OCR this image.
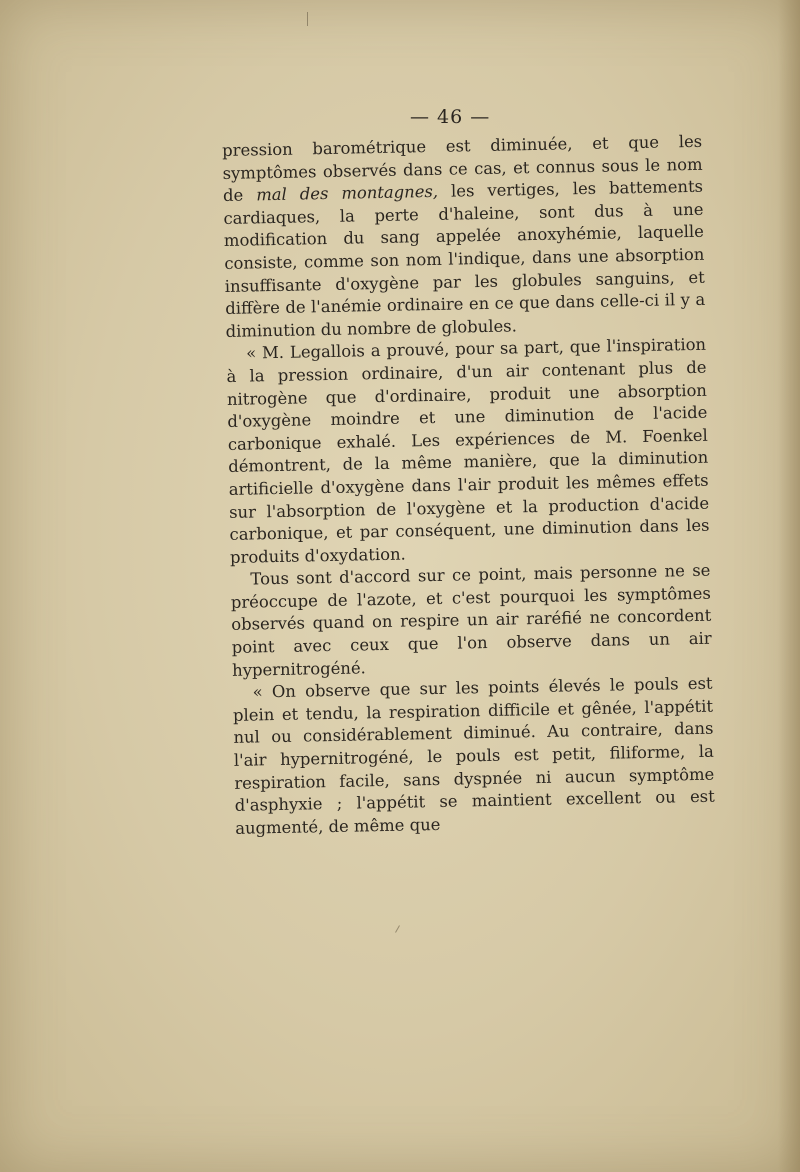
— 46 —

pression barométrique est diminuée, et que les symptômes observés dans ce cas, et connus sous le nom de mal des montagnes, les vertiges, les battements cardiaques, la perte d'haleine, sont dus à une modification du sang appelée anoxyhémie, laquelle consiste, comme son nom l'indique, dans une absorption insuffisante d'oxygène par les globules sanguins, et diffère de l'anémie ordinaire en ce que dans celle-ci il y a diminution du nombre de globules.

« M. Legallois a prouvé, pour sa part, que l'inspiration à la pression ordinaire, d'un air contenant plus de nitrogène que d'ordinaire, produit une absorption d'oxygène moindre et une diminution de l'acide carbonique exhalé. Les expériences de M. Foenkel démontrent, de la même manière, que la diminution artificielle d'oxygène dans l'air produit les mêmes effets sur l'absorption de l'oxygène et la production d'acide carbonique, et par conséquent, une diminution dans les produits d'oxydation.

Tous sont d'accord sur ce point, mais personne ne se préoccupe de l'azote, et c'est pourquoi les symptômes observés quand on respire un air raréfié ne concordent point avec ceux que l'on observe dans un air hypernitrogéné.

« On observe que sur les points élevés le pouls est plein et tendu, la respiration difficile et gênée, l'appétit nul ou considérablement diminué. Au contraire, dans l'air hypernitrogéné, le pouls est petit, filiforme, la respiration facile, sans dyspnée ni aucun symptôme d'asphyxie ; l'appétit se maintient excellent ou est augmenté, de même que
